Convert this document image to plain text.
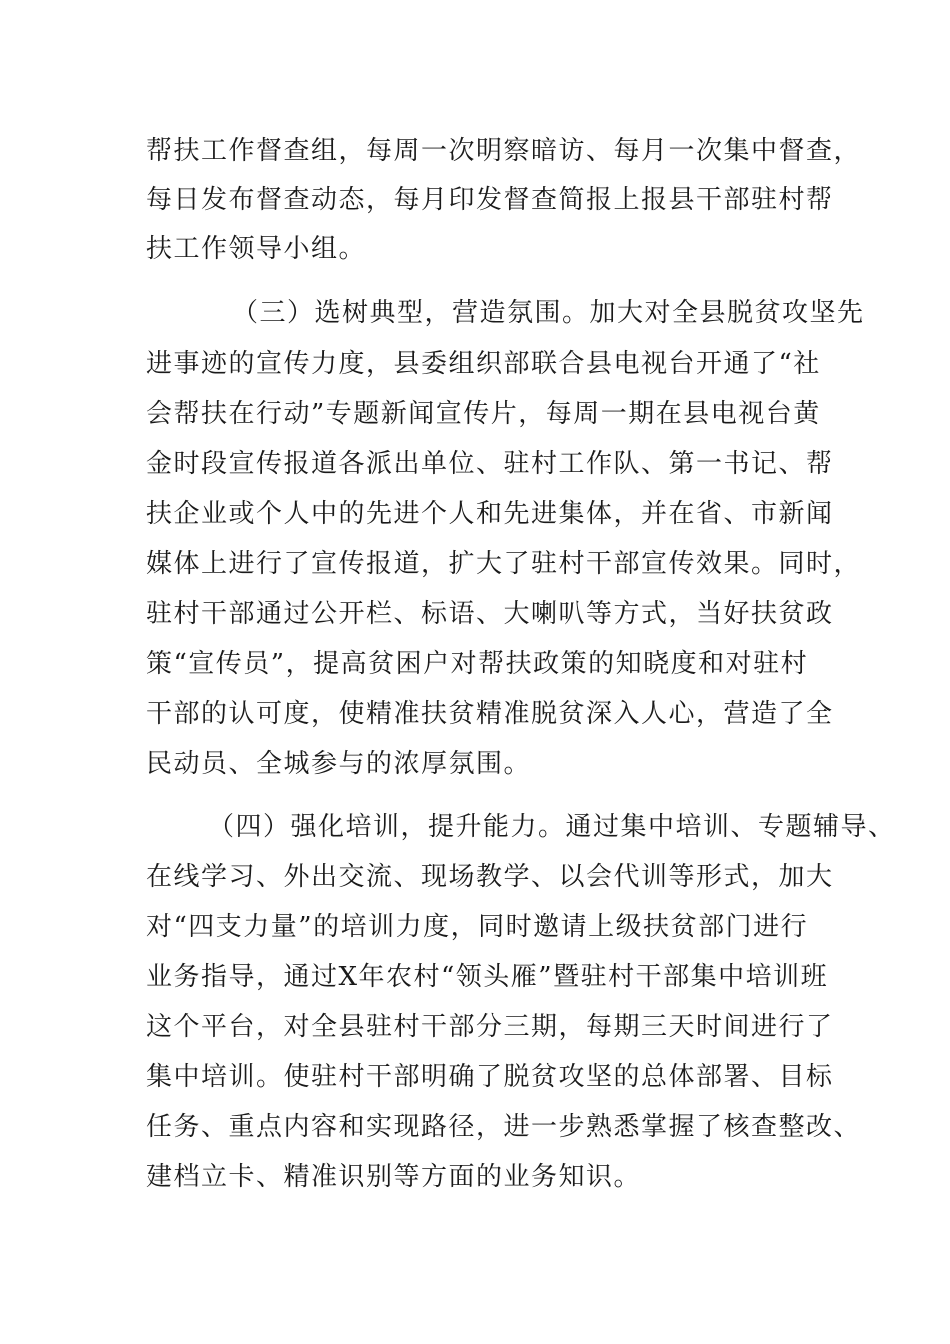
帮扶工作督查组，每周一次明察暗访、每月一次集中督查，
每日发布督查动态，每月印发督查简报上报县干部驻村帮
扶工作领导小组。
（三）选树典型，营造氛围。加大对全县脱贫攻坚先
进事迹的宣传力度，县委组织部联合县电视台开通了“社
会帮扶在行动”专题新闻宣传片，每周一期在县电视台黄
金时段宣传报道各派出单位、驻村工作队、第一书记、帮
扶企业或个人中的先进个人和先进集体，并在省、市新闻
媒体上进行了宣传报道，扩大了驻村干部宣传效果。同时，
驻村干部通过公开栏、标语、大喇叭等方式，当好扶贫政
策“宣传员”，提高贫困户对帮扶政策的知晓度和对驻村
干部的认可度，使精准扶贫精准脱贫深入人心，营造了全
民动员、全城参与的浓厚氛围。
（四）强化培训，提升能力。通过集中培训、专题辅导、
在线学习、外出交流、现场教学、以会代训等形式，加大
对“四支力量”的培训力度，同时邀请上级扶贫部门进行
业务指导，通过X年农村“领头雁”暨驻村干部集中培训班
这个平台，对全县驻村干部分三期，每期三天时间进行了
集中培训。使驻村干部明确了脱贫攻坚的总体部署、目标
任务、重点内容和实现路径，进一步熟悉掌握了核查整改、
建档立卡、精准识别等方面的业务知识。
